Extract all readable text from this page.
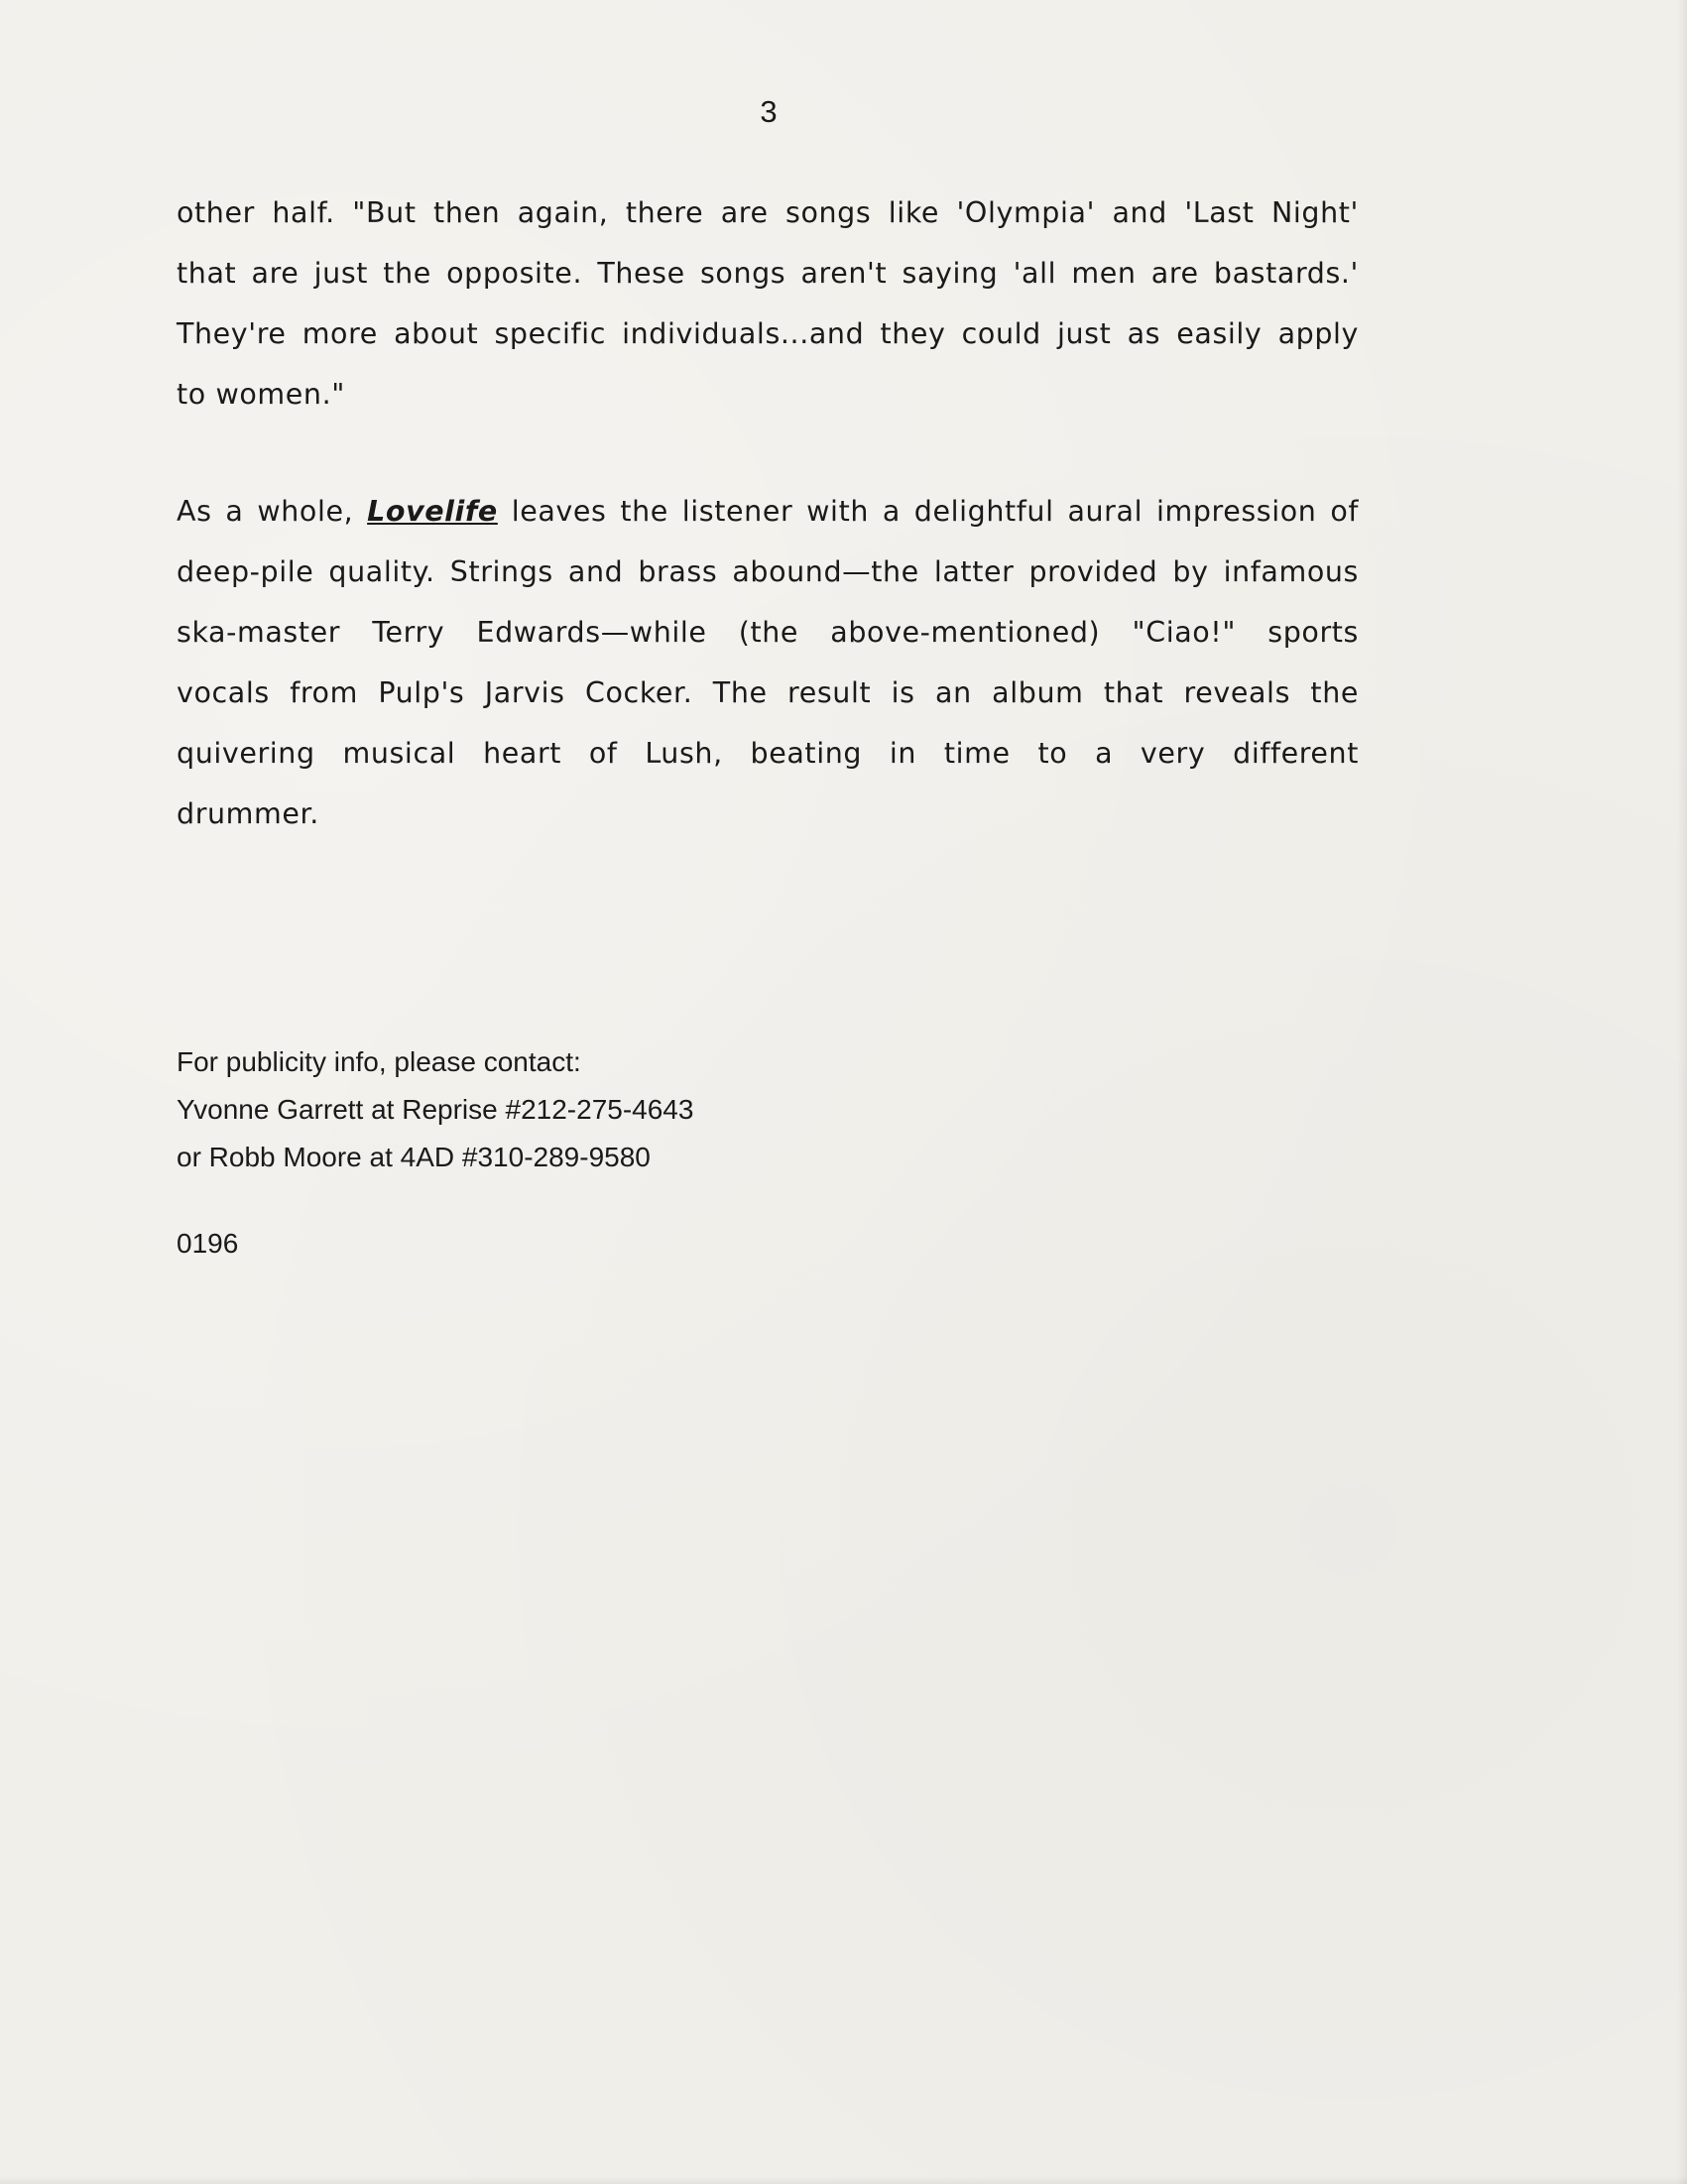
3
other half. "But then again, there are songs like 'Olympia' and 'Last Night'
that are just the opposite. These songs aren't saying 'all men are bastards.'
They're more about specific individuals...and they could just as easily apply
to women."
As a whole, Lovelife leaves the listener with a delightful aural impression of
deep-pile quality. Strings and brass abound—the latter provided by infamous
ska-master Terry Edwards—while (the above-mentioned) "Ciao!" sports
vocals from Pulp's Jarvis Cocker. The result is an album that reveals the
quivering musical heart of Lush, beating in time to a very different
drummer.
For publicity info, please contact:
Yvonne Garrett at Reprise #212-275-4643
or Robb Moore at 4AD #310-289-9580
0196
